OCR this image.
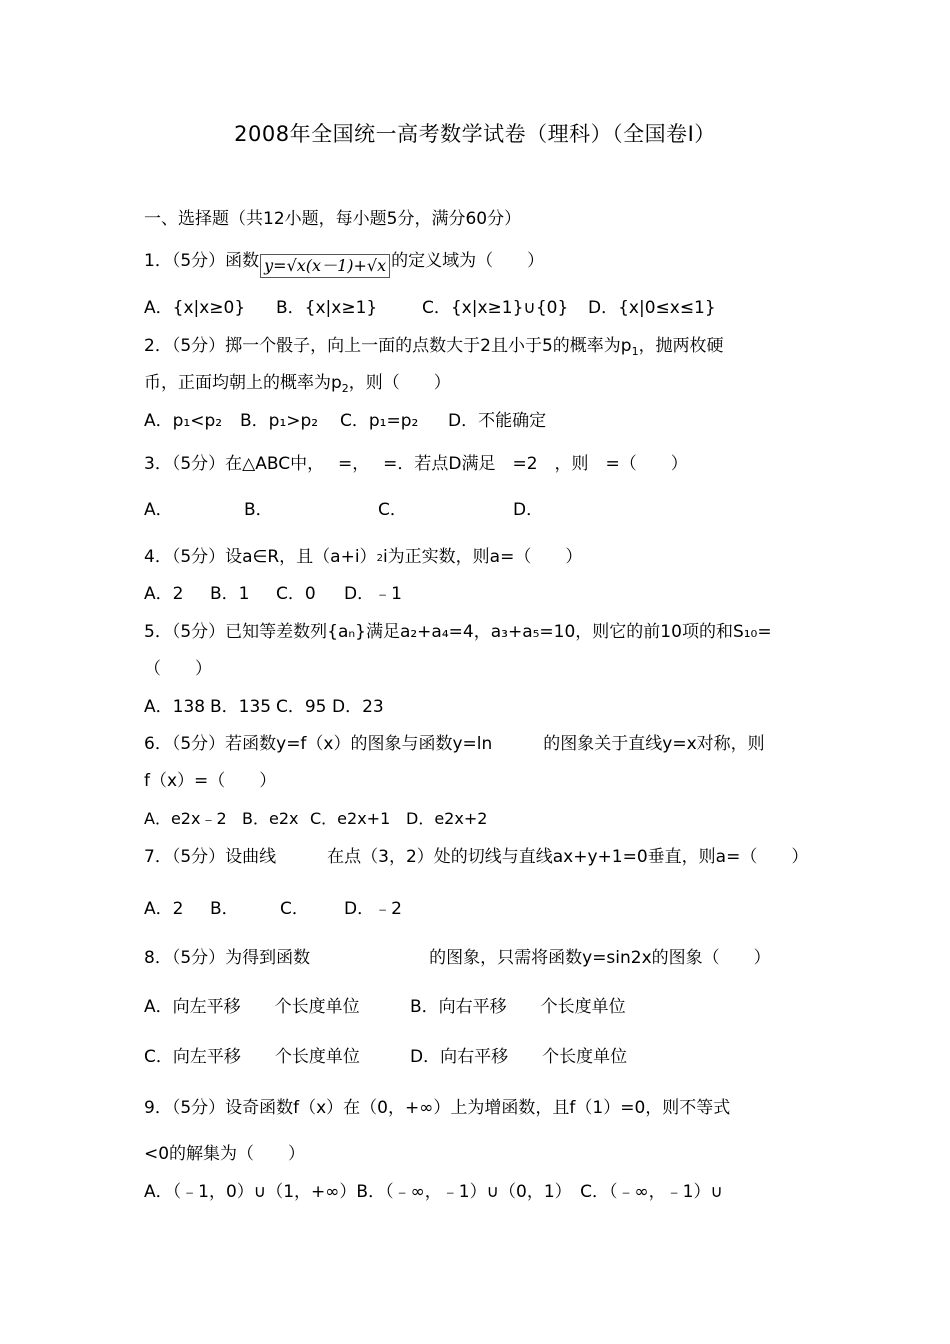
2008年全国统一高考数学试卷（理科）（全国卷Ⅰ）
一、选择题（共12小题，每小题5分，满分60分）
1．（5分）函数 y=√x(x－1)+√x 的定义域为（　　）
A．{x|x≥0} B．{x|x≥1}	C．{x|x≥1}∪{0} D．{x|0≤x≤1}
2．（5分）掷一个骰子，向上一面的点数大于2且小于5的概率为$p_1$，抛两枚硬
币，正面均朝上的概率为$p_2$，则（　　）
A．p₁<p₂ B．p₁>p₂ C．p₁=p₂ D．不能确定
3．（5分）在△ABC中，　 =，　 =．若点D满足　=2　，则　=（　　）
A．	B．	C．	D．
4．（5分）设a∈R，且（a+i）2i为正实数，则a=（　　）
A．2 B．1 C．0 D．﹣1
5．（5分）已知等差数列{aₙ}满足a₂+a₄=4，a₃+a₅=10，则它的前10项的和S₁₀=
（　　）
A．138 B．135 C．95 D．23
6．（5分）若函数y=f（x）的图象与函数y=ln　　　的图象关于直线y=x对称，则
f（x）=（　　）
A．e2x﹣2 B．e2x C．e2x+1 D．e2x+2
7．（5分）设曲线　　　在点（3，2）处的切线与直线ax+y+1=0垂直，则a=（　　）
A．2 B． C． D．﹣2
8．（5分）为得到函数　　　　　　　的图象，只需将函数y=sin2x的图象（　　）
A．向左平移　　个长度单位	B．向右平移　　个长度单位
C．向左平移　　个长度单位	D．向右平移　　个长度单位
9．（5分）设奇函数f（x）在（0，+∞）上为增函数，且f（1）=0，则不等式
<0的解集为（　　）
A．（﹣1，0）∪（1，+∞）B．（﹣∞，﹣1）∪（0，1）　C．（﹣∞，﹣1）∪
